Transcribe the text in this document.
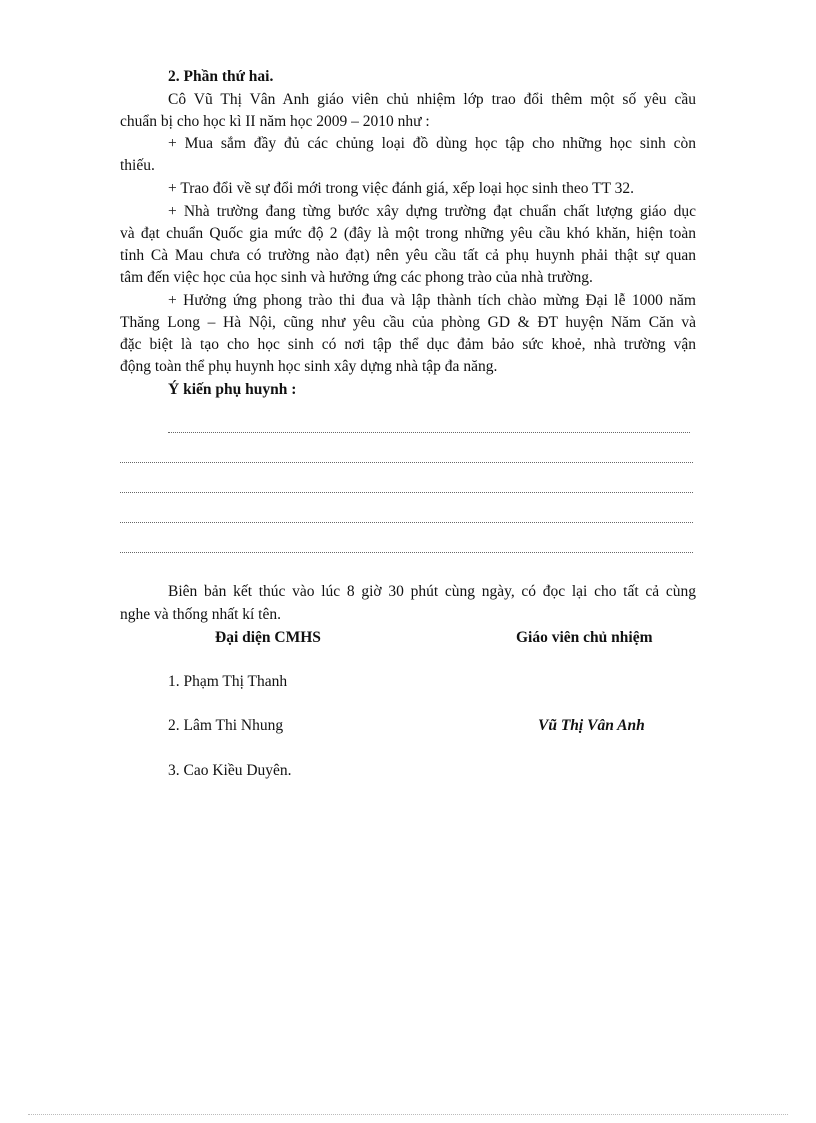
2. Phần thứ hai.
Cô Vũ Thị Vân Anh giáo viên chủ nhiệm lớp trao đổi thêm một số yêu cầu
chuẩn bị cho học kì II năm học 2009 – 2010 như :
+ Mua sắm đầy đủ các chủng loại đồ dùng học tập cho những học sinh còn
thiếu.
+ Trao đổi về sự đổi mới trong việc đánh giá, xếp loại học sinh theo TT 32.
+ Nhà trường đang từng bước xây dựng trường đạt chuẩn chất lượng giáo dục
và đạt chuẩn Quốc gia mức độ 2 (đây là một trong những yêu cầu khó khăn, hiện toàn
tỉnh Cà Mau chưa có trường nào đạt) nên yêu cầu tất cả phụ huynh phải thật sự quan
tâm đến việc học của học sinh và hưởng ứng các phong trào của nhà trường.
+ Hưởng ứng phong trào thi đua và lập thành tích chào mừng Đại lễ 1000 năm
Thăng Long – Hà Nội, cũng như yêu cầu của phòng GD & ĐT huyện Năm Căn và
đặc biệt là tạo cho học sinh có nơi tập thể dục đảm bảo sức khoẻ, nhà trường vận
động toàn thể phụ huynh học sinh xây dựng nhà tập đa năng.
Ý kiến phụ huynh :
Biên bản kết thúc vào lúc 8 giờ 30 phút cùng ngày, có đọc lại cho tất cả cùng
nghe và thống nhất kí tên.
Đại diện CMHS	Giáo viên chủ nhiệm
1. Phạm Thị Thanh
2. Lâm Thi Nhung	Vũ Thị Vân Anh
3. Cao Kiều Duyên.
